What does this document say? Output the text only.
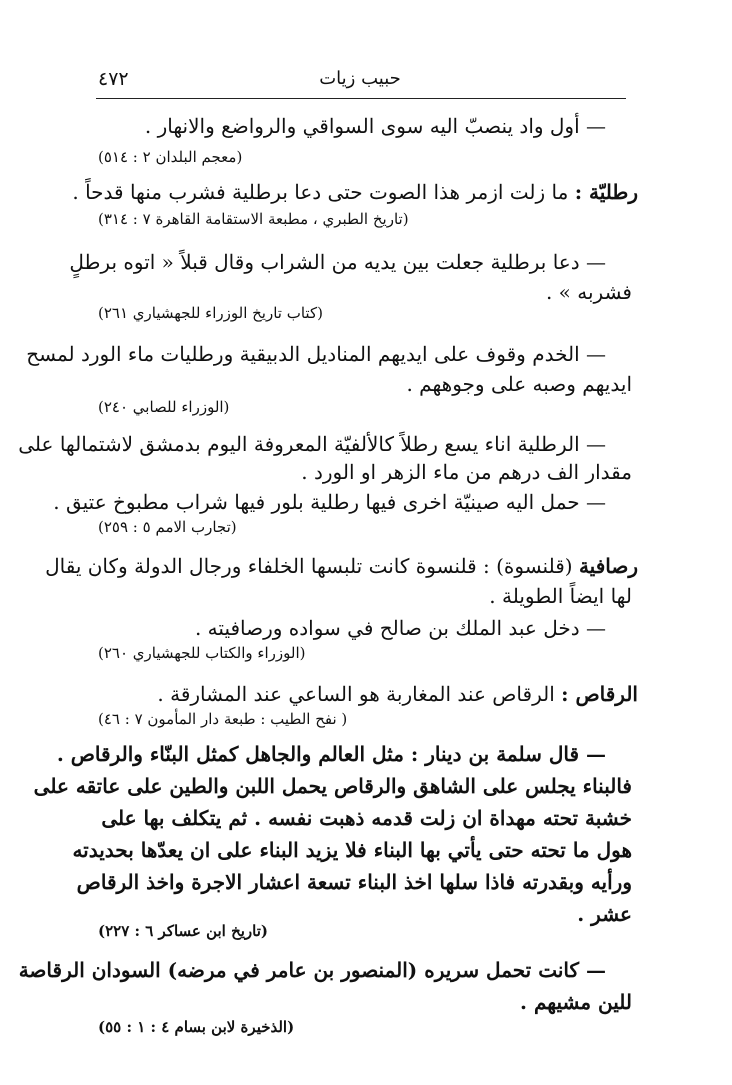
٤٧٢	حبيب زيات
— أول واد ينصبّ اليه سوى السواقي والرواضع والانهار .
(معجم البلدان ٢ : ٥١٤)
رطليّة : ما زلت ازمر هذا الصوت حتى دعا برطلية فشرب منها قدحاً .
(تاريخ الطبري ، مطبعة الاستقامة القاهرة ٧ : ٣١٤)
— دعا برطلية جعلت بين يديه من الشراب وقال قبلاً « اتوه برطلٍ
فشربه » .
(كتاب تاريخ الوزراء للجهشياري ٢٦١)
— الخدم وقوف على ايديهم المناديل الدبيقية ورطليات ماء الورد لمسح
ايديهم وصبه على وجوههم .
(الوزراء للصابي ٢٤٠)
— الرطلية اناء يسع رطلاً كالألفيّة المعروفة اليوم بدمشق لاشتمالها على
مقدار الف درهم من ماء الزهر او الورد .
— حمل اليه صينيّة اخرى فيها رطلية بلور فيها شراب مطبوخ عتيق .
(تجارب الامم ٥ : ٢٥٩)
رصافية (قلنسوة) : قلنسوة كانت تلبسها الخلفاء ورجال الدولة وكان يقال
لها ايضاً الطويلة .
— دخل عبد الملك بن صالح في سواده ورصافيته .
(الوزراء والكتاب للجهشياري ٢٦٠)
الرقاص : الرقاص عند المغاربة هو الساعي عند المشارقة .
( نفح الطيب : طبعة دار المأمون ٧ : ٤٦)
— قال سلمة بن دينار : مثل العالم والجاهل كمثل البنّاء والرقاص .
فالبناء يجلس على الشاهق والرقاص يحمل اللبن والطين على عاتقه على
خشبة تحته مهداة ان زلت قدمه ذهبت نفسه . ثم يتكلف بها على
هول ما تحته حتى يأتي بها البناء فلا يزيد البناء على ان يعدّها بحديدته
ورأيه وبقدرته فاذا سلها اخذ البناء تسعة اعشار الاجرة واخذ الرقاص
عشر .
(تاريخ ابن عساكر ٦ : ٢٢٧)
— كانت تحمل سريره (المنصور بن عامر في مرضه) السودان الرقاصة
للين مشيهم .
(الذخيرة لابن بسام ٤ : ١ : ٥٥)
